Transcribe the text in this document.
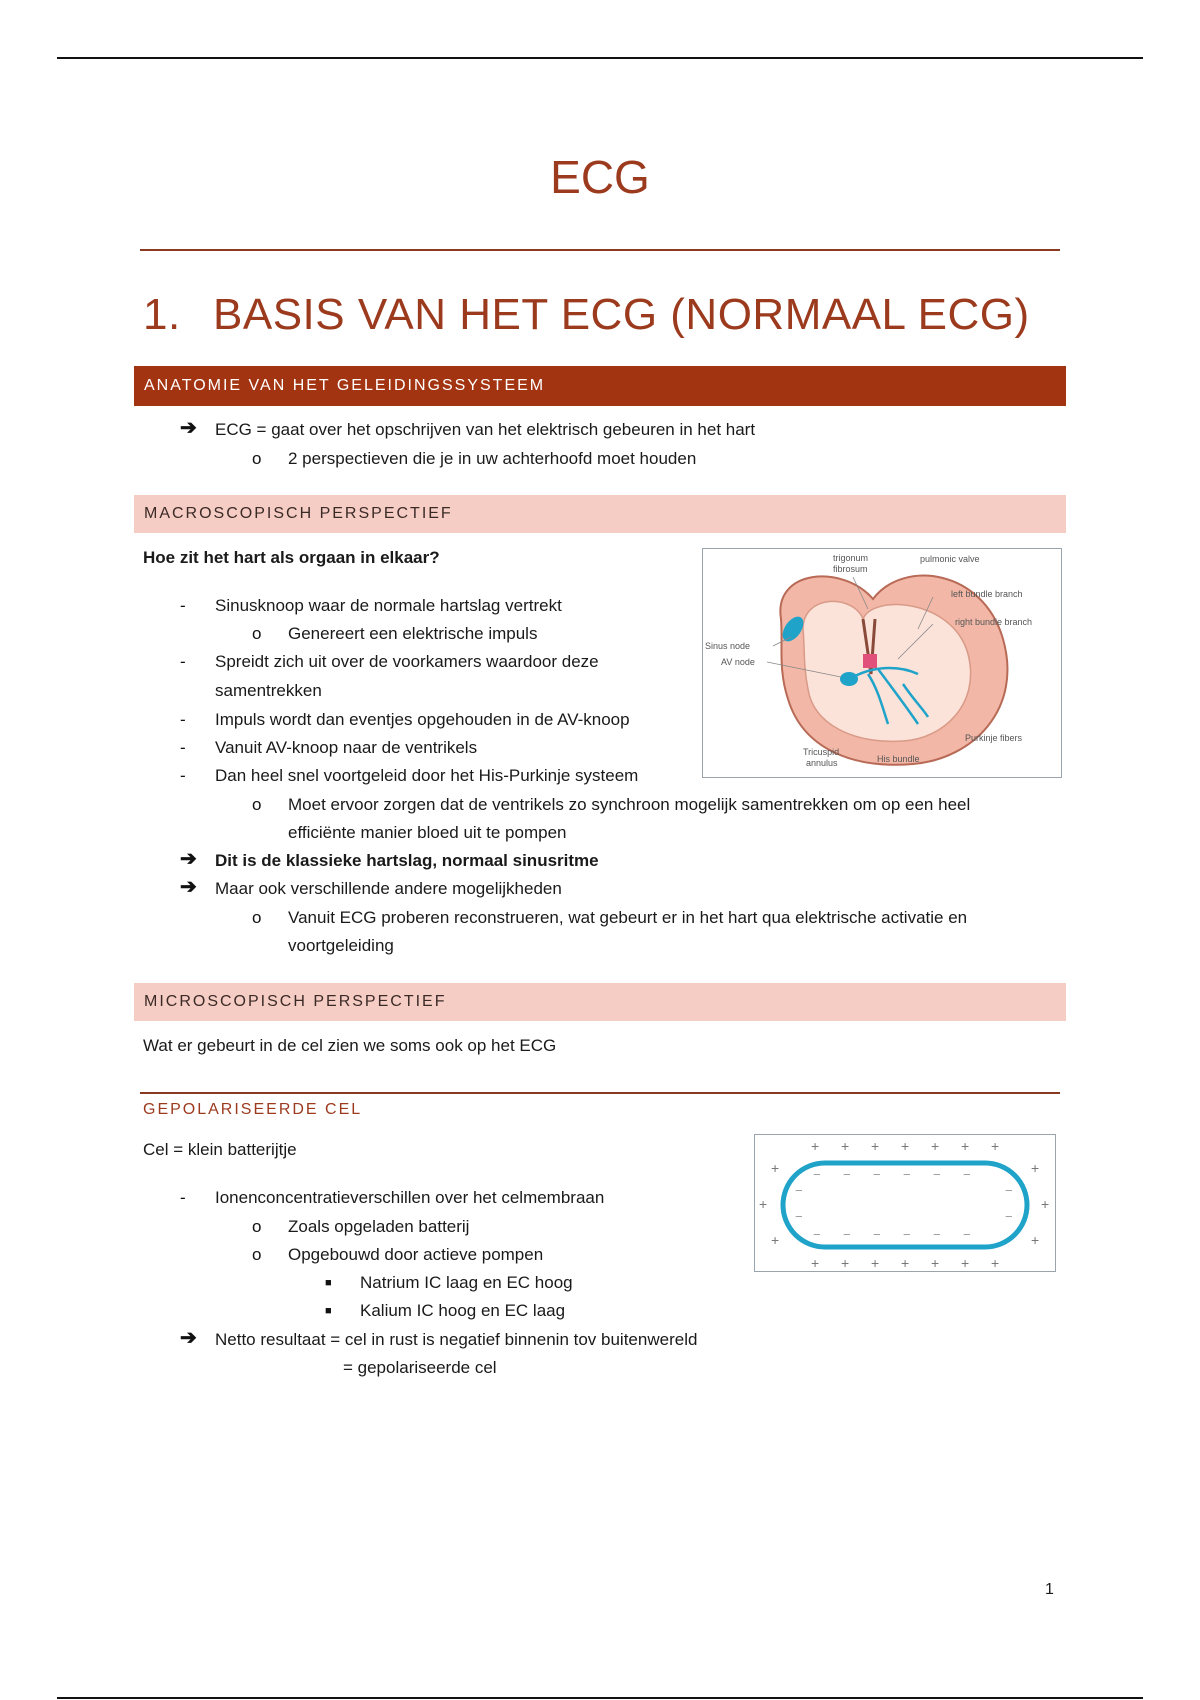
ECG
1. BASIS VAN HET ECG (NORMAAL ECG)
ANATOMIE VAN HET GELEIDINGSSYSTEEM
➔ ECG = gaat over het opschrijven van het elektrisch gebeuren in het hart
o 2 perspectieven die je in uw achterhoofd moet houden
MACROSCOPISCH PERSPECTIEF
Hoe zit het hart als orgaan in elkaar?
- Sinusknoop waar de normale hartslag vertrekt
o Genereert een elektrische impuls
- Spreidt zich uit over de voorkamers waardoor deze
samentrekken
- Impuls wordt dan eventjes opgehouden in de AV-knoop
- Vanuit AV-knoop naar de ventrikels
- Dan heel snel voortgeleid door het His-Purkinje systeem
o Moet ervoor zorgen dat de ventrikels zo synchroon mogelijk samentrekken om op een heel
efficiënte manier bloed uit te pompen
➔ Dit is de klassieke hartslag, normaal sinusritme
➔ Maar ook verschillende andere mogelijkheden
o Vanuit ECG proberen reconstrueren, wat gebeurt er in het hart qua elektrische activatie en
voortgeleiding
trigonum
fibrosum
pulmonic valve
left bundle branch
right bundle branch
Sinus node
AV node
Tricuspid
annulus	His bundle
Purkinje fibers
MICROSCOPISCH PERSPECTIEF
Wat er gebeurt in de cel zien we soms ook op het ECG
GEPOLARISEERDE CEL
Cel = klein batterijtje
- Ionenconcentratieverschillen over het celmembraan
o Zoals opgeladen batterij
o Opgebouwd door actieve pompen
■ Natrium IC laag en EC hoog
■ Kalium IC hoog en EC laag
➔ Netto resultaat = cel in rust is negatief binnenin tov buitenwereld
= gepolariseerde cel
+ + + + + + +
+ + + + + + +
+
+
+
+
+
+
− − − − − −
− − − − − −
−
−
−
−
1
